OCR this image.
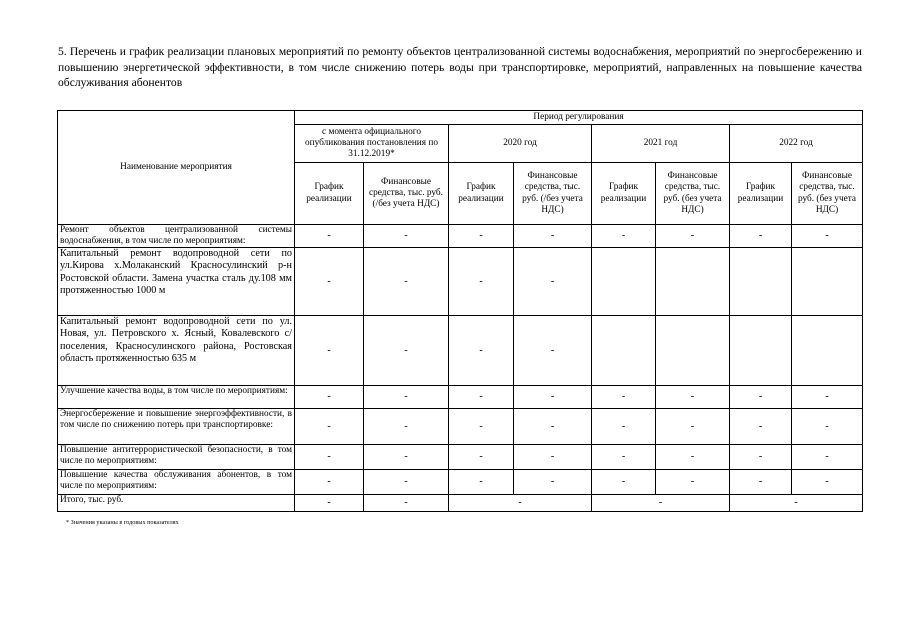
5. Перечень и график реализации плановых мероприятий по ремонту объектов централизованной системы водоснабжения, мероприятий по энергосбережению и повышению энергетической эффективности, в том числе снижению потерь воды при транспортировке, мероприятий, направленных на повышение качества обслуживания абонентов
Наименование мероприятия	Период регулирования							
	с момента официального опубликования постановления по 31.12.2019*		2020 год		2021 год		2022 год	
	График реализации	Финансовые средства, тыс. руб. (/без учета НДС)	График реализации	Финансовые средства, тыс. руб. (/без учета НДС)	График реализации	Финансовые средства, тыс. руб. (без учета НДС)	График реализации	Финансовые средства, тыс. руб. (без учета НДС)
Ремонт объектов централизованной системы водоснабжения, в том числе по мероприятиям:	-	-	-	-	-	-	-	-
Капитальный ремонт водопроводной сети по ул.Кирова х.Молаканский Красносулинский р-н Ростовской области. Замена участка сталь ду.108 мм протяженностью 1000 м	-	-	-	-				
Капитальный ремонт водопроводной сети по ул. Новая, ул. Петровского х. Ясный, Ковалевского с/поселения, Красносулинского района, Ростовская область протяженностью 635 м	-	-	-	-				
Улучшение качества воды, в том числе по мероприятиям:	-	-	-	-	-	-	-	-
Энергосбережение и повышение энергоэффективности, в том числе по снижению потерь при транспортировке:	-	-	-	-	-	-	-	-
Повышение антитеррористической безопасности, в том числе по мероприятиям:	-	-	-	-	-	-	-	-
Повышение качества обслуживания абонентов, в том числе по мероприятиям:	-	-	-	-	-	-	-	-
Итого, тыс. руб.	-	-	-		-		-	
* Значения указаны в годовых показателях
